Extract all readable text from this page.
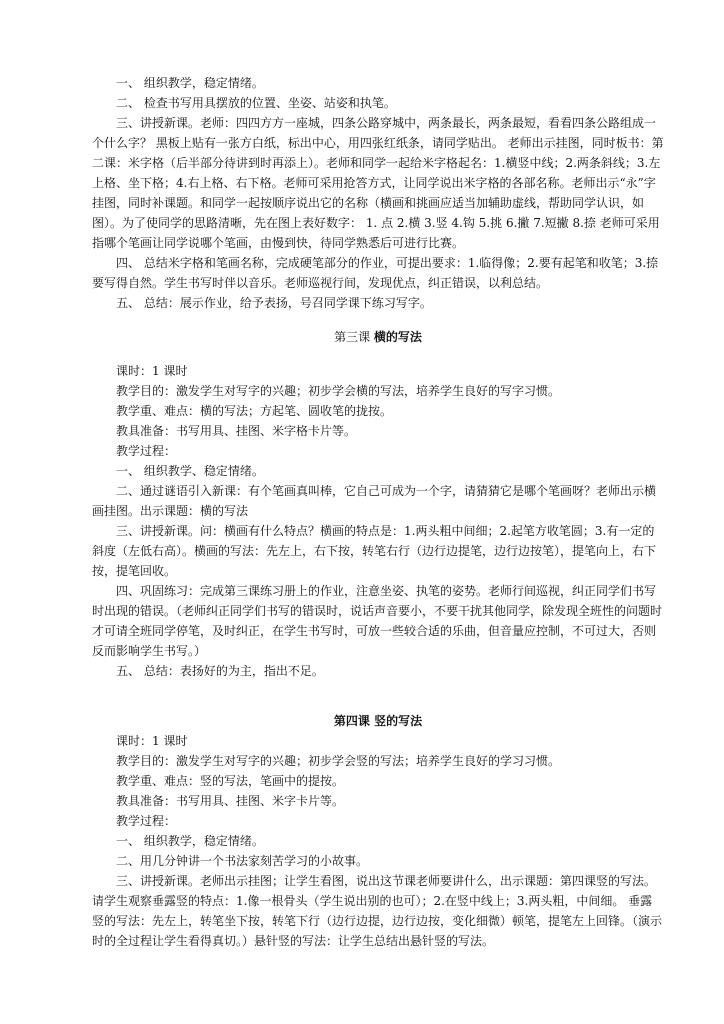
一、 组织教学，稳定情绪。

二、 检查书写用具摆放的位置、坐姿、站姿和执笔。

三、讲授新课。老师：四四方方一座城，四条公路穿城中，两条最长，两条最短，看看四条公路组成一个什么字？ 黑板上贴有一张方白纸，标出中心，用四张红纸条，请同学贴出。 老师出示挂图，同时板书：第二课：米字格（后半部分待讲到时再添上）。老师和同学一起给米字格起名：1.横竖中线；2.两条斜线；3.左上格、坐下格；4.右上格、右下格。老师可采用抢答方式，让同学说出米字格的各部名称。老师出示“永”字挂图，同时补课题。和同学一起按顺序说出它的名称（横画和挑画应适当加辅助虚线，帮助同学认识，如图）。为了使同学的思路清晰，先在图上表好数字： 1. 点 2.横 3.竖 4.钩 5.挑 6.撇 7.短撇 8.捺 老师可采用指哪个笔画让同学说哪个笔画，由慢到快，待同学熟悉后可进行比赛。

四、 总结米字格和笔画名称，完成硬笔部分的作业，可提出要求：1.临得像；2.要有起笔和收笔；3.捺要写得自然。学生书写时伴以音乐。老师巡视行间，发现优点，纠正错误，以利总结。

五、 总结：展示作业，给予表扬，号召同学课下练习写字。

第三课 横的写法

课时：1 课时

教学目的：激发学生对写字的兴趣；初步学会横的写法，培养学生良好的写字习惯。

教学重、难点：横的写法；方起笔、圆收笔的拢按。

教具准备：书写用具、挂图、米字格卡片等。

教学过程：

一、 组织教学、稳定情绪。

二、通过谜语引入新课：有个笔画真叫棒，它自己可成为一个字，请猜猜它是哪个笔画呀？老师出示横画挂图。出示课题：横的写法

三、讲授新课。问：横画有什么特点？横画的特点是：1.两头粗中间细；2.起笔方收笔圆；3.有一定的斜度（左低右高）。横画的写法：先左上，右下按，转笔右行（边行边提笔，边行边按笔），提笔向上，右下按，提笔回收。

四、巩固练习：完成第三课练习册上的作业，注意坐姿、执笔的姿势。老师行间巡视，纠正同学们书写时出现的错误。（老师纠正同学们书写的错误时，说话声音要小，不要干扰其他同学，除发现全班性的问题时才可请全班同学停笔，及时纠正，在学生书写时，可放一些较合适的乐曲，但音量应控制，不可过大，否则反而影响学生书写。）

五、 总结：表扬好的为主，指出不足。

第四课 竖的写法

课时：1 课时

教学目的：激发学生对写字的兴趣；初步学会竖的写法；培养学生良好的学习习惯。

教学重、难点：竖的写法，笔画中的提按。

教具准备：书写用具、挂图、米字卡片等。

教学过程：

一、 组织教学，稳定情绪。

二、用几分钟讲一个书法家刻苦学习的小故事。

三、讲授新课。老师出示挂图；让学生看图，说出这节课老师要讲什么，出示课题：第四课竖的写法。 请学生观察垂露竖的特点：1.像一根骨头（学生说出别的也可）；2.在竖中线上；3.两头粗，中间细。 垂露竖的写法：先左上，转笔坐下按，转笔下行（边行边提，边行边按，变化细微）顿笔，提笔左上回锋。（演示时的全过程让学生看得真切。）悬针竖的写法：让学生总结出悬针竖的写法。
